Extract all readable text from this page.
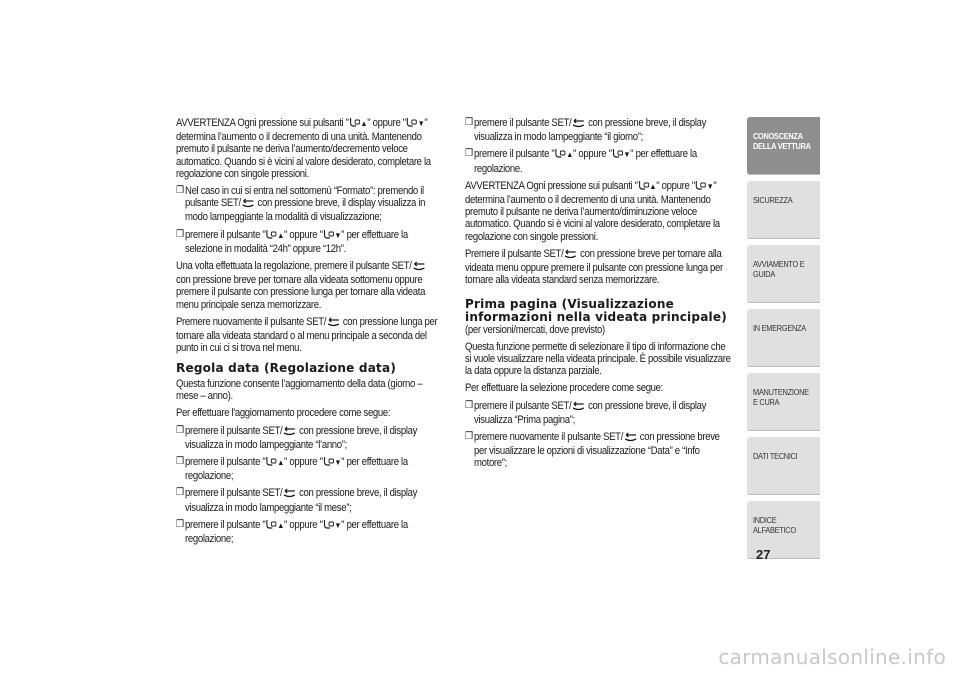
AVVERTENZA Ogni pressione sui pulsanti " ▲" oppure " ▼" determina l’aumento o il decremento di una unità. Mantenendo premuto il pulsante ne deriva l’aumento/decremento veloce automatico. Quando si è vicini al valore desiderato, completare la regolazione con singole pressioni.

❒ Nel caso in cui si entra nel sottomenù “Formato”: premendo il pulsante SET/ con pressione breve, il display visualizza in modo lampeggiante la modalità di visualizzazione;
❒ premere il pulsante " ▲" oppure " ▼" per effettuare la selezione in modalità “24h” oppure “12h”.

Una volta effettuata la regolazione, premere il pulsante SET/ con pressione breve per tornare alla videata sottomenu oppure premere il pulsante con pressione lunga per tornare alla videata menu principale senza memorizzare.

Premere nuovamente il pulsante SET/ con pressione lunga per tornare alla videata standard o al menu principale a seconda del punto in cui ci si trova nel menu.

Regola data (Regolazione data)

Questa funzione consente l’aggiornamento della data (giorno – mese – anno).

Per effettuare l'aggiornamento procedere come segue:

❒ premere il pulsante SET/ con pressione breve, il display visualizza in modo lampeggiante “l’anno”;
❒ premere il pulsante " ▲" oppure " ▼" per effettuare la regolazione;
❒ premere il pulsante SET/ con pressione breve, il display visualizza in modo lampeggiante “il mese”;
❒ premere il pulsante " ▲" oppure " ▼" per effettuare la regolazione;
❒ premere il pulsante SET/ con pressione breve, il display visualizza in modo lampeggiante “il giorno”;
❒ premere il pulsante " ▲" oppure " ▼" per effettuare la regolazione.

AVVERTENZA Ogni pressione sui pulsanti " ▲" oppure " ▼" determina l’aumento o il decremento di una unità. Mantenendo premuto il pulsante ne deriva l’aumento/diminuzione veloce automatico. Quando si è vicini al valore desiderato, completare la regolazione con singole pressioni.

Premere il pulsante SET/ con pressione breve per tornare alla videata menu oppure premere il pulsante con pressione lunga per tornare alla videata standard senza memorizzare.

Prima pagina (Visualizzazione informazioni nella videata principale)

(per versioni/mercati, dove previsto)

Questa funzione permette di selezionare il tipo di informazione che si vuole visualizzare nella videata principale. È possibile visualizzare la data oppure la distanza parziale.

Per effettuare la selezione procedere come segue:

❒ premere il pulsante SET/ con pressione breve, il display visualizza “Prima pagina”;
❒ premere nuovamente il pulsante SET/ con pressione breve per visualizzare le opzioni di visualizzazione “Data” e “Info motore”;
CONOSCENZA DELLA VETTURA
SICUREZZA
AVVIAMENTO E GUIDA
IN EMERGENZA
MANUTENZIONE E CURA
DATI TECNICI
INDICE ALFABETICO
27
carmanualsonline.info
